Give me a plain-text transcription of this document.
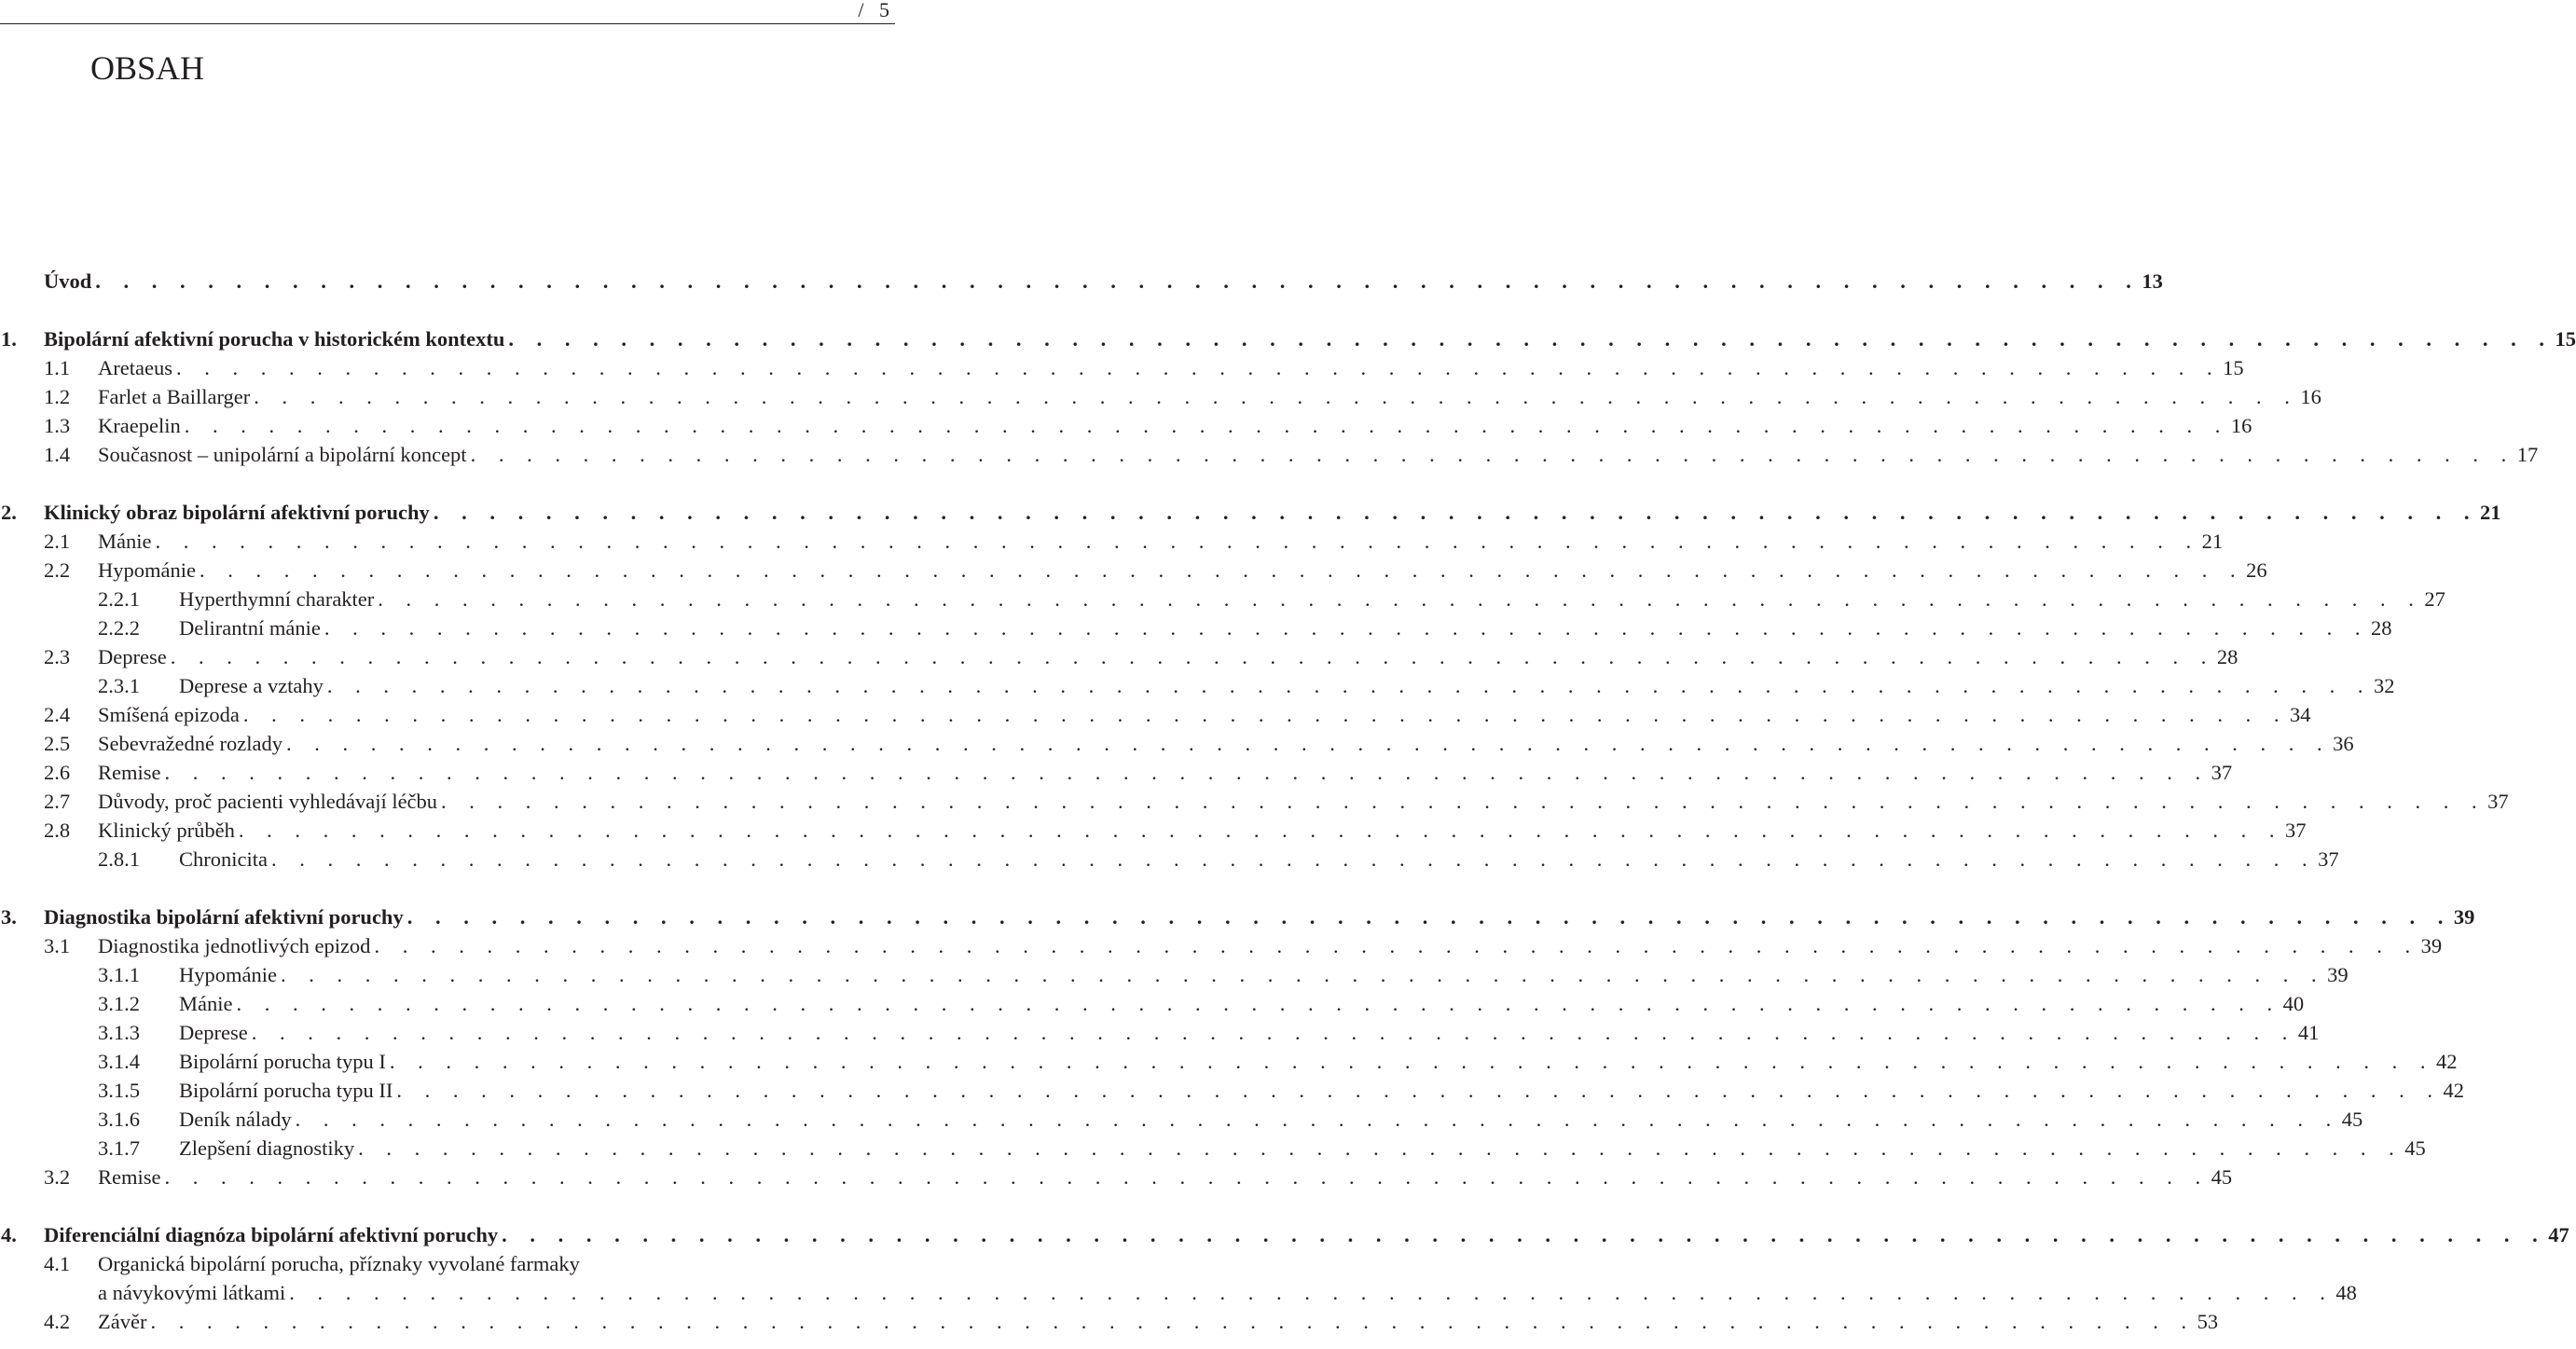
/   5
OBSAH
Úvod . . . . . . . . . . . . . . . . . . . . . . . . . . . . . . . . . . . . . . . . . . . . . . . . . . . . . . . . . . . . . . . . . . . . . . . . . 13
1. Bipolární afektivní porucha v historickém kontextu . . . . . . . . . . . . . . . . . . . . . . . . . . . . . . . . . . . . . . . . . . . . . . . . . . . . . . . . . . . . . . . . . . . . . . . . . 15
1.1 Aretaeus . . . . . . . . . . . . . . . . . . . . . . . . . . . . . . . . . . . . . . . . . . . . . . . . . . . . . . . . . . . . . . . . . . . . . . . . . 15
1.2 Farlet a Baillarger . . . . . . . . . . . . . . . . . . . . . . . . . . . . . . . . . . . . . . . . . . . . . . . . . . . . . . . . . . . . . . . . . . . . . . . . . 16
1.3 Kraepelin . . . . . . . . . . . . . . . . . . . . . . . . . . . . . . . . . . . . . . . . . . . . . . . . . . . . . . . . . . . . . . . . . . . . . . . . . 16
1.4 Současnost – unipolární a bipolární koncept . . . . . . . . . . . . . . . . . . . . . . . . . . . . . . . . . . . . . . . . . . . . . . . . . . . . . . . . . . . . . . . . . . . . . . . . . 17
2. Klinický obraz bipolární afektivní poruchy . . . . . . . . . . . . . . . . . . . . . . . . . . . . . . . . . . . . . . . . . . . . . . . . . . . . . . . . . . . . . . . . . . . . . . . . . 21
2.1 Mánie . . . . . . . . . . . . . . . . . . . . . . . . . . . . . . . . . . . . . . . . . . . . . . . . . . . . . . . . . . . . . . . . . . . . . . . . . 21
2.2 Hypománie . . . . . . . . . . . . . . . . . . . . . . . . . . . . . . . . . . . . . . . . . . . . . . . . . . . . . . . . . . . . . . . . . . . . . . . . . 26
2.2.1 Hyperthymní charakter . . . . . . . . . . . . . . . . . . . . . . . . . . . . . . . . . . . . . . . . . . . . . . . . . . . . . . . . . . . . . . . . . . . . . . . . . 27
2.2.2 Delirantní mánie . . . . . . . . . . . . . . . . . . . . . . . . . . . . . . . . . . . . . . . . . . . . . . . . . . . . . . . . . . . . . . . . . . . . . . . . . 28
2.3 Deprese . . . . . . . . . . . . . . . . . . . . . . . . . . . . . . . . . . . . . . . . . . . . . . . . . . . . . . . . . . . . . . . . . . . . . . . . . 28
2.3.1 Deprese a vztahy . . . . . . . . . . . . . . . . . . . . . . . . . . . . . . . . . . . . . . . . . . . . . . . . . . . . . . . . . . . . . . . . . . . . . . . . . 32
2.4 Smíšená epizoda . . . . . . . . . . . . . . . . . . . . . . . . . . . . . . . . . . . . . . . . . . . . . . . . . . . . . . . . . . . . . . . . . . . . . . . . . 34
2.5 Sebevražedné rozlady . . . . . . . . . . . . . . . . . . . . . . . . . . . . . . . . . . . . . . . . . . . . . . . . . . . . . . . . . . . . . . . . . . . . . . . . . 36
2.6 Remise . . . . . . . . . . . . . . . . . . . . . . . . . . . . . . . . . . . . . . . . . . . . . . . . . . . . . . . . . . . . . . . . . . . . . . . . . 37
2.7 Důvody, proč pacienti vyhledávají léčbu . . . . . . . . . . . . . . . . . . . . . . . . . . . . . . . . . . . . . . . . . . . . . . . . . . . . . . . . . . . . . . . . . . . . . . . . . 37
2.8 Klinický průběh . . . . . . . . . . . . . . . . . . . . . . . . . . . . . . . . . . . . . . . . . . . . . . . . . . . . . . . . . . . . . . . . . . . . . . . . . 37
2.8.1 Chronicita . . . . . . . . . . . . . . . . . . . . . . . . . . . . . . . . . . . . . . . . . . . . . . . . . . . . . . . . . . . . . . . . . . . . . . . . . 37
3. Diagnostika bipolární afektivní poruchy . . . . . . . . . . . . . . . . . . . . . . . . . . . . . . . . . . . . . . . . . . . . . . . . . . . . . . . . . . . . . . . . . . . . . . . . . 39
3.1 Diagnostika jednotlivých epizod . . . . . . . . . . . . . . . . . . . . . . . . . . . . . . . . . . . . . . . . . . . . . . . . . . . . . . . . . . . . . . . . . . . . . . . . . 39
3.1.1 Hypománie . . . . . . . . . . . . . . . . . . . . . . . . . . . . . . . . . . . . . . . . . . . . . . . . . . . . . . . . . . . . . . . . . . . . . . . . . 39
3.1.2 Mánie . . . . . . . . . . . . . . . . . . . . . . . . . . . . . . . . . . . . . . . . . . . . . . . . . . . . . . . . . . . . . . . . . . . . . . . . . 40
3.1.3 Deprese . . . . . . . . . . . . . . . . . . . . . . . . . . . . . . . . . . . . . . . . . . . . . . . . . . . . . . . . . . . . . . . . . . . . . . . . . 41
3.1.4 Bipolární porucha typu I . . . . . . . . . . . . . . . . . . . . . . . . . . . . . . . . . . . . . . . . . . . . . . . . . . . . . . . . . . . . . . . . . . . . . . . . . 42
3.1.5 Bipolární porucha typu II . . . . . . . . . . . . . . . . . . . . . . . . . . . . . . . . . . . . . . . . . . . . . . . . . . . . . . . . . . . . . . . . . . . . . . . . . 42
3.1.6 Deník nálady . . . . . . . . . . . . . . . . . . . . . . . . . . . . . . . . . . . . . . . . . . . . . . . . . . . . . . . . . . . . . . . . . . . . . . . . . 45
3.1.7 Zlepšení diagnostiky . . . . . . . . . . . . . . . . . . . . . . . . . . . . . . . . . . . . . . . . . . . . . . . . . . . . . . . . . . . . . . . . . . . . . . . . . 45
3.2 Remise . . . . . . . . . . . . . . . . . . . . . . . . . . . . . . . . . . . . . . . . . . . . . . . . . . . . . . . . . . . . . . . . . . . . . . . . . 45
4. Diferenciální diagnóza bipolární afektivní poruchy . . . . . . . . . . . . . . . . . . . . . . . . . . . . . . . . . . . . . . . . . . . . . . . . . . . . . . . . . . . . . . . . . . . . . . . . . 47
4.1 Organická bipolární porucha, příznaky vyvolané farmaky
a návykovými látkami . . . . . . . . . . . . . . . . . . . . . . . . . . . . . . . . . . . . . . . . . . . . . . . . . . . . . . . . . . . . . . . . . . . . . . . . . 48
4.2 Závěr . . . . . . . . . . . . . . . . . . . . . . . . . . . . . . . . . . . . . . . . . . . . . . . . . . . . . . . . . . . . . . . . . . . . . . . . . 53
